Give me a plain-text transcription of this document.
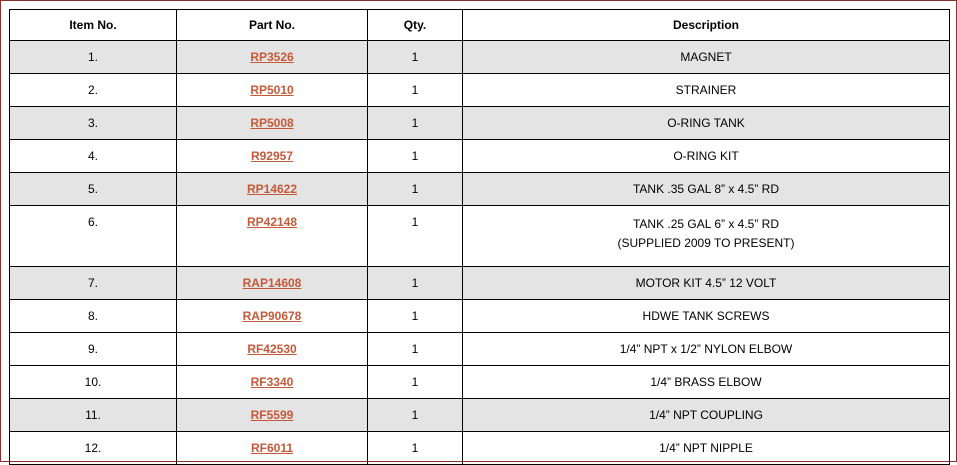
Item No.	Part No.	Qty.	Description
1.	RP3526	1	MAGNET
2.	RP5010	1	STRAINER
3.	RP5008	1	O-RING TANK
4.	R92957	1	O-RING KIT
5.	RP14622	1	TANK .35 GAL 8” x 4.5” RD
6.	RP42148	1	TANK .25 GAL 6” x 4.5” RD
(SUPPLIED 2009 TO PRESENT)

7.	RAP14608	1	MOTOR KIT 4.5” 12 VOLT
8.	RAP90678	1	HDWE TANK SCREWS
9.	RF42530	1	1/4” NPT x 1/2” NYLON ELBOW
10.	RF3340	1	1/4” BRASS ELBOW
11.	RF5599	1	1/4” NPT COUPLING
12.	RF6011	1	1/4” NPT NIPPLE
